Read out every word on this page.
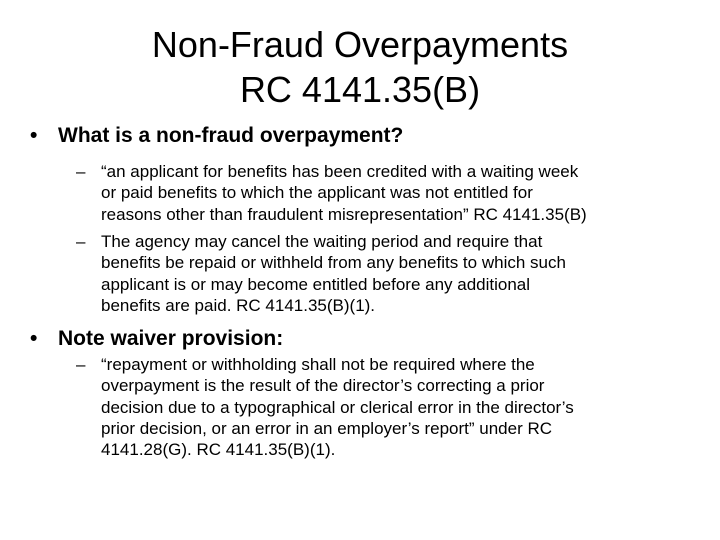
Non-Fraud Overpayments
RC 4141.35(B)
• What is a non-fraud overpayment?
– “an applicant for benefits has been credited with a waiting week
or paid benefits to which the applicant was not entitled for
reasons other than fraudulent misrepresentation” RC 4141.35(B)
– The agency may cancel the waiting period and require that
benefits be repaid or withheld from any benefits to which such
applicant is or may become entitled before any additional
benefits are paid. RC 4141.35(B)(1).
• Note waiver provision:
– “repayment or withholding shall not be required where the
overpayment is the result of the director’s correcting a prior
decision due to a typographical or clerical error in the director’s
prior decision, or an error in an employer’s report” under RC
4141.28(G). RC 4141.35(B)(1).
